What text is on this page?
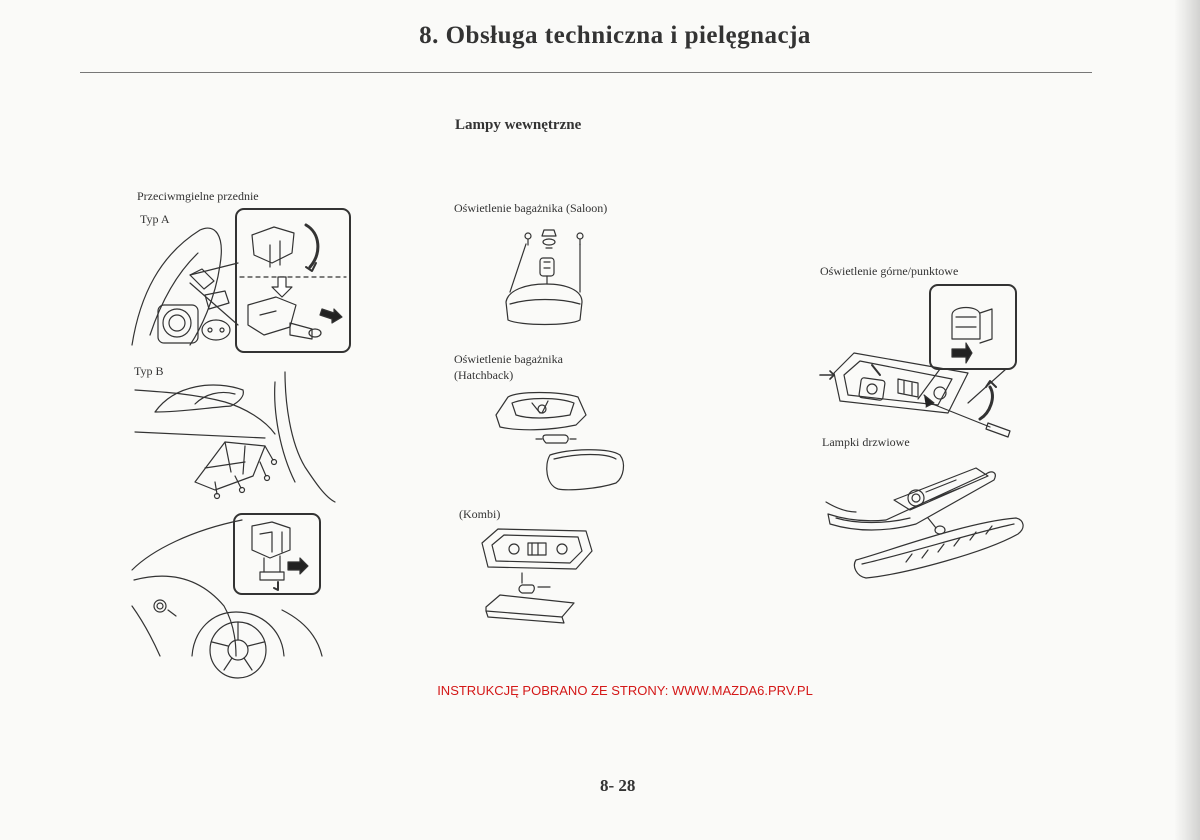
8. Obsługa techniczna i pielęgnacja
Lampy wewnętrzne
Przeciwmgielne przednie
Typ A
Typ B
Oświetlenie bagażnika (Saloon)
Oświetlenie bagażnika
(Hatchback)
(Kombi)
Oświetlenie górne/punktowe
Lampki drzwiowe
INSTRUKCJĘ POBRANO ZE STRONY: WWW.MAZDA6.PRV.PL
8- 28
